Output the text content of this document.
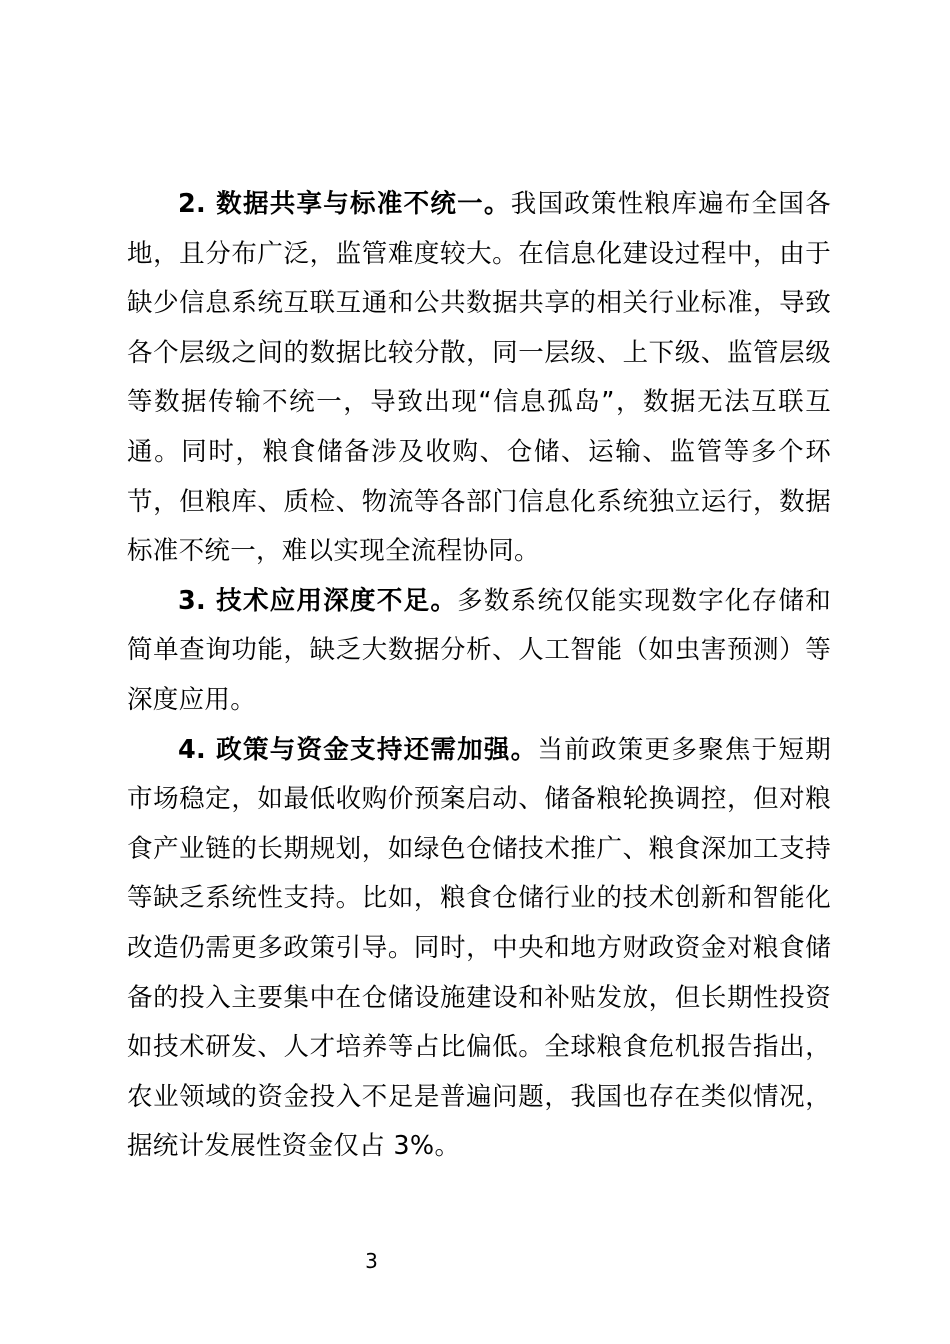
2. 数据共享与标准不统一。我国政策性粮库遍布全国各地，且分布广泛，监管难度较大。在信息化建设过程中，由于缺少信息系统互联互通和公共数据共享的相关行业标准，导致各个层级之间的数据比较分散，同一层级、上下级、监管层级等数据传输不统一，导致出现“信息孤岛”，数据无法互联互通。同时，粮食储备涉及收购、仓储、运输、监管等多个环节，但粮库、质检、物流等各部门信息化系统独立运行，数据标准不统一，难以实现全流程协同。

3. 技术应用深度不足。多数系统仅能实现数字化存储和简单查询功能，缺乏大数据分析、人工智能（如虫害预测）等深度应用。

4. 政策与资金支持还需加强。当前政策更多聚焦于短期市场稳定，如最低收购价预案启动、储备粮轮换调控，但对粮食产业链的长期规划，如绿色仓储技术推广、粮食深加工支持等缺乏系统性支持。比如，粮食仓储行业的技术创新和智能化改造仍需更多政策引导。同时，中央和地方财政资金对粮食储备的投入主要集中在仓储设施建设和补贴发放，但长期性投资如技术研发、人才培养等占比偏低。全球粮食危机报告指出，农业领域的资金投入不足是普遍问题，我国也存在类似情况，据统计发展性资金仅占 3%。

3
